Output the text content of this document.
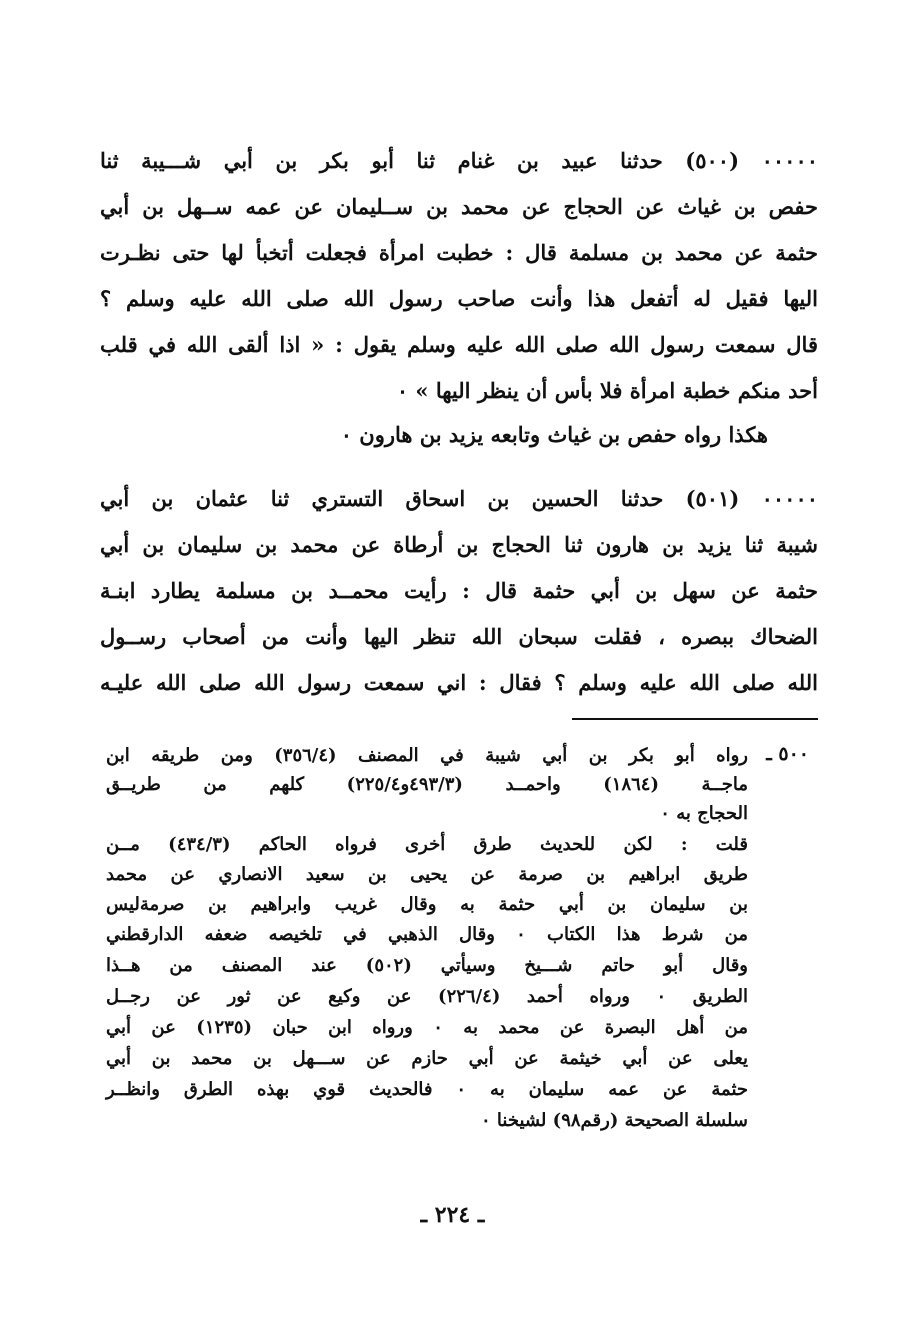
٠٠٠٠٠ (٥٠٠) حدثنا عبيد بن غنام ثنا أبو بكر بن أبي شـــيبة ثنا
حفص بن غياث عن الحجاج عن محمد بن ســليمان عن عمه ســهل بن أبي
حثمة عن محمد بن مسلمة قال : خطبت امرأة فجعلت أتخبأ لها حتى نظـرت
اليها فقيل له أتفعل هذا وأنت صاحب رسول الله صلى الله عليه وسلم ؟
قال سمعت رسول الله صلى الله عليه وسلم يقول : « اذا ألقى الله في قلب
أحد منكم خطبة امرأة فلا بأس أن ينظر اليها » ٠
هكذا رواه حفص بن غياث وتابعه يزيد بن هارون ٠
٠٠٠٠٠ (٥٠١) حدثنا الحسين بن اسحاق التستري ثنا عثمان بن أبي
شيبة ثنا يزيد بن هارون ثنا الحجاج بن أرطاة عن محمد بن سليمان بن أبي
حثمة عن سهل بن أبي حثمة قال : رأيت محمــد بن مسلمة يطارد ابنـة
الضحاك ببصره ، فقلت سبحان الله تنظر اليها وأنت من أصحاب رســول
الله صلى الله عليه وسلم ؟ فقال : اني سمعت رسول الله صلى الله عليـه
٥٠٠ ـ
رواه أبو بكر بن أبي شيبة في المصنف (٣٥٦/٤) ومن طريقه ابن
ماجــة (١٨٦٤) واحمــد (٤٩٣/٣و٢٢٥/٤) كلهم من طريــق
الحجاج به ٠
قلت : لكن للحديث طرق أخرى فرواه الحاكم (٤٣٤/٣) مــن
طريق ابراهيم بن صرمة عن يحيى بن سعيد الانصاري عن محمد
بن سليمان بن أبي حثمة به وقال غريب وابراهيم بن صرمةليس
من شرط هذا الكتاب ٠ وقال الذهبي في تلخيصه ضعفه الدارقطني
وقال أبو حاتم شـــيخ وسيأتي (٥٠٢) عند المصنف من هــذا
الطريق ٠ ورواه أحمد (٢٢٦/٤) عن وكيع عن ثور عن رجــل
من أهل البصرة عن محمد به ٠ ورواه ابن حبان (١٢٣٥) عن أبي
يعلى عن أبي خيثمة عن أبي حازم عن ســـهل بن محمد بن أبي
حثمة عن عمه سليمان به ٠ فالحديث قوي بهذه الطرق وانظــر
سلسلة الصحيحة (رقم٩٨) لشيخنا ٠
ـ ٢٢٤ ـ
